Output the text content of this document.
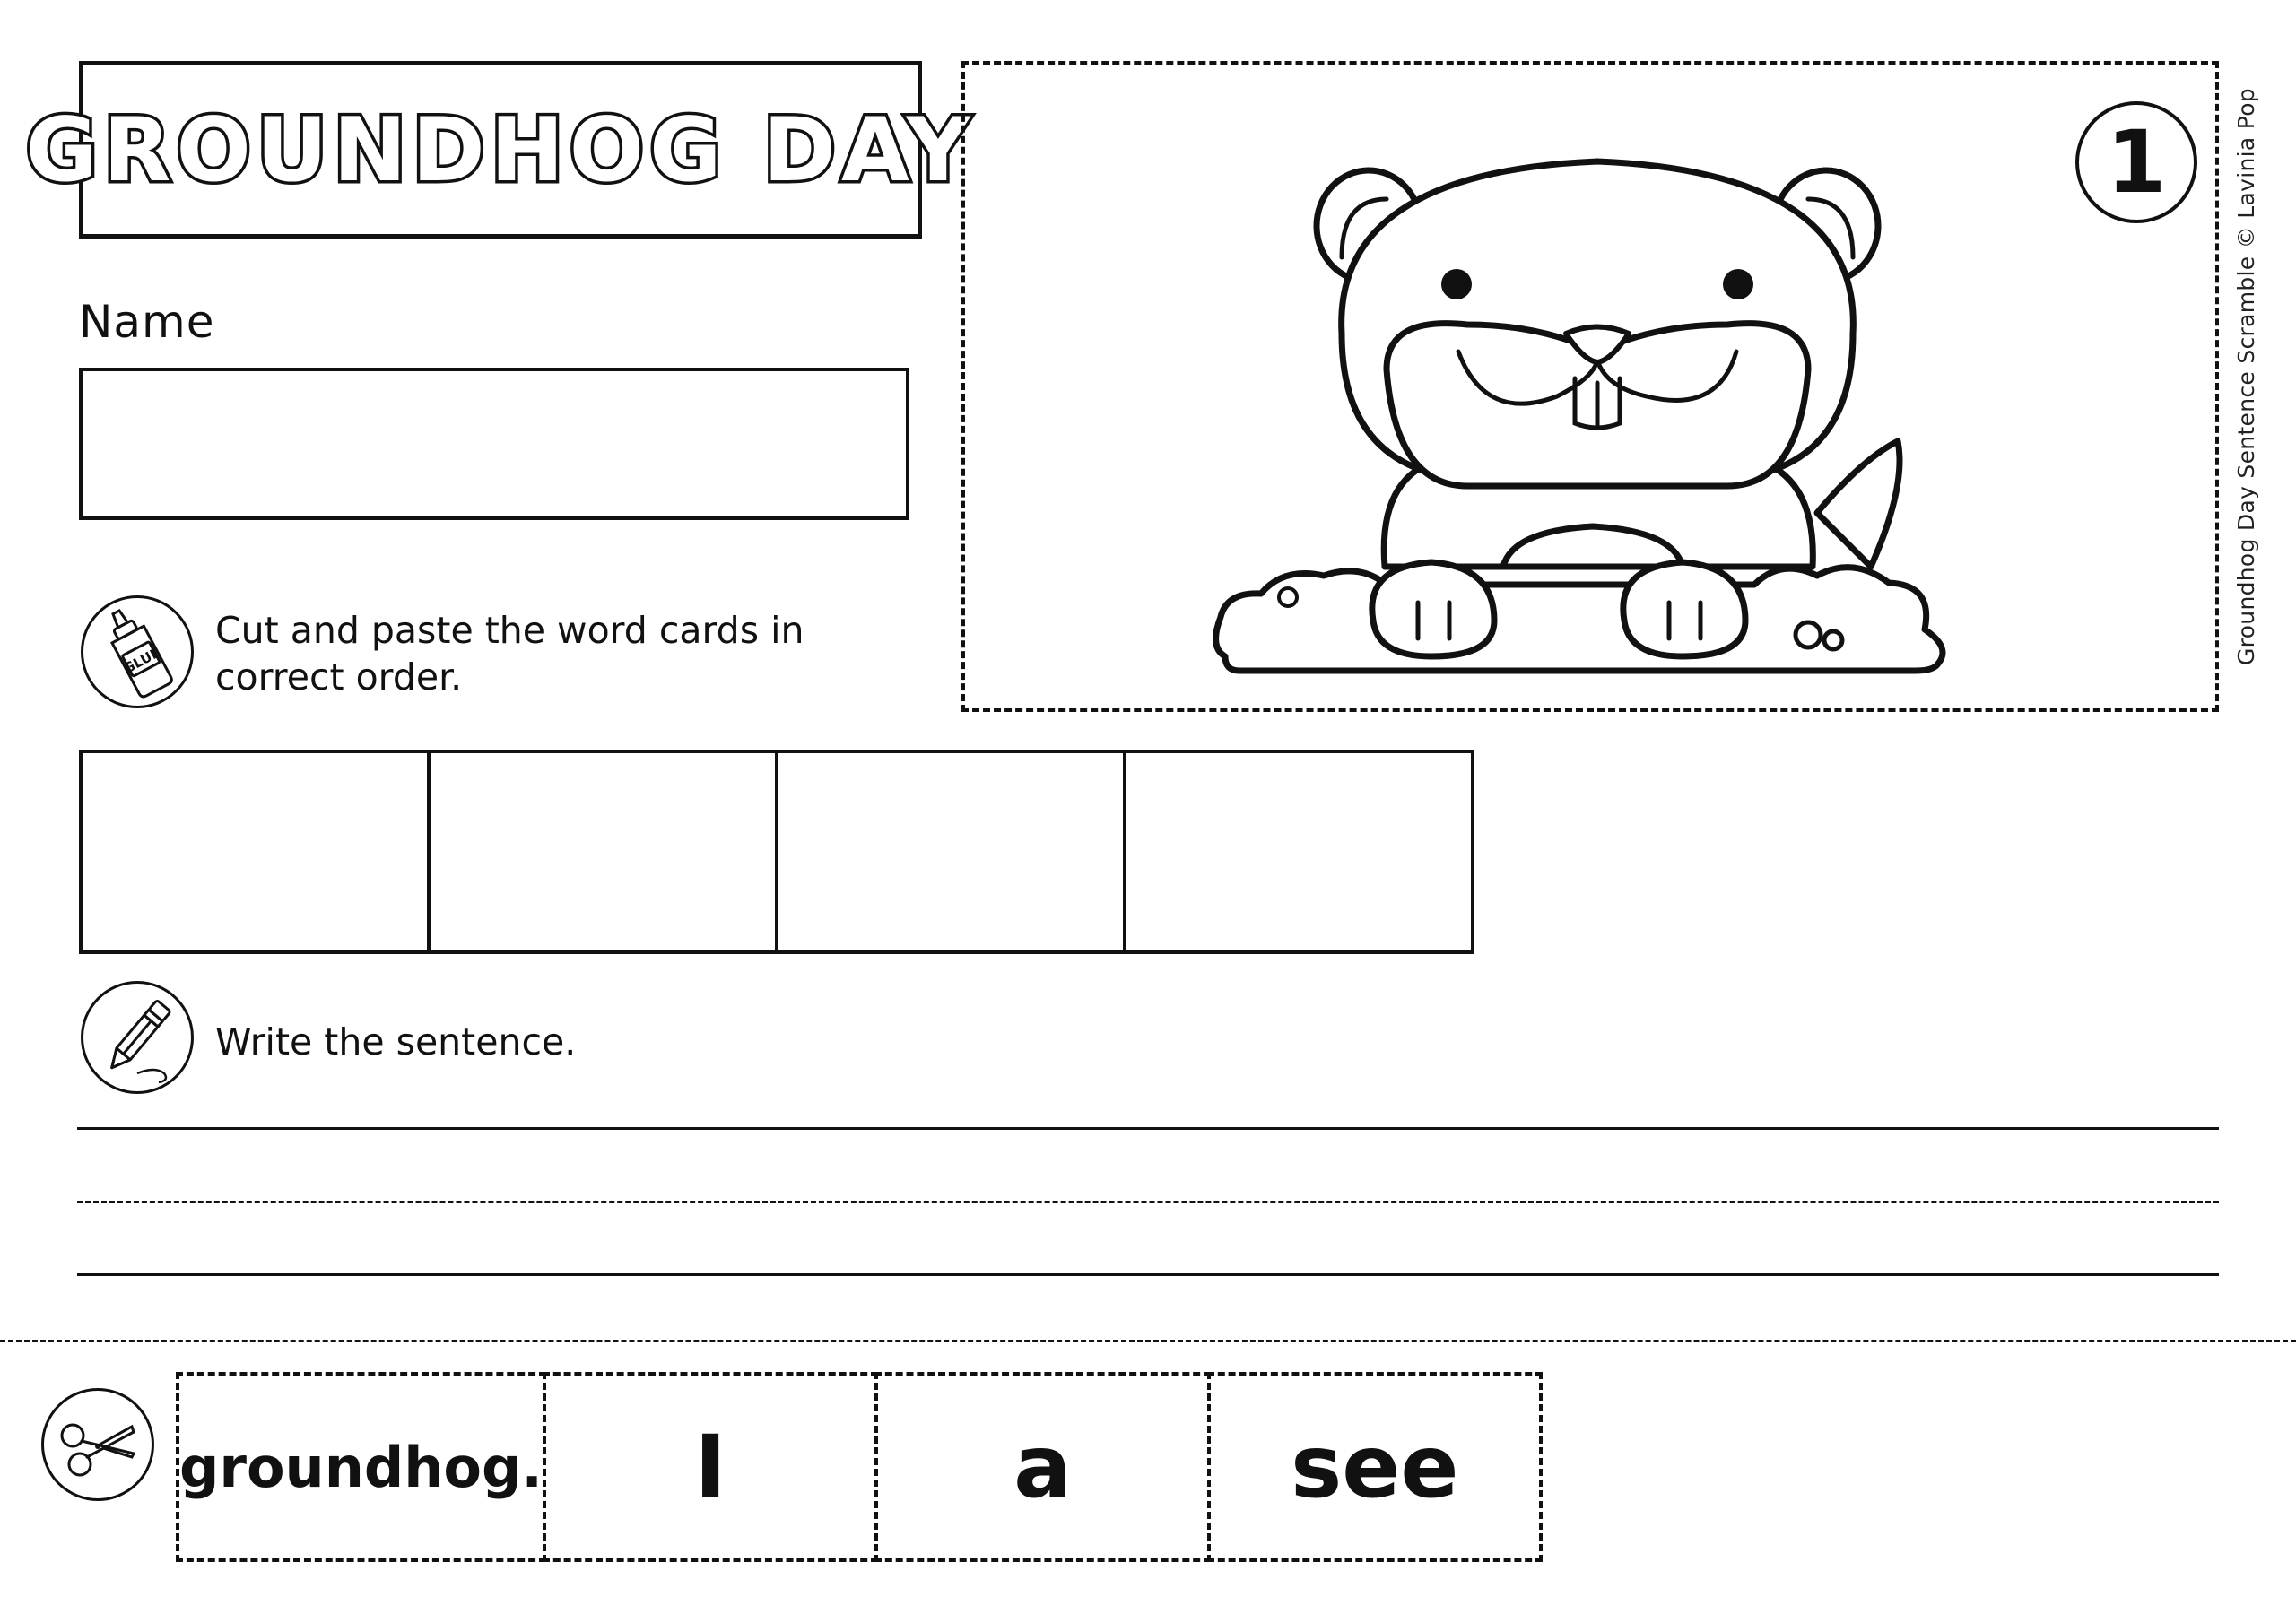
GROUNDHOG DAY
Name
GLUE
Cut and paste the word cards in correct order.
1	Groundhog Day Sentence Scramble © Lavinia Pop
Write the sentence.
groundhog.	I	a	see
